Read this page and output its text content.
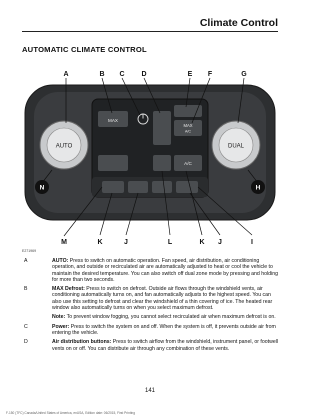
Climate Control
AUTOMATIC CLIMATE CONTROL
AUTO	DUAL
MAX
MAX
A/C
A/C
A	B C D	E F	G
N	H
M	K	J	L	K J	I
E271969
A	AUTO: Press to switch on automatic operation. Fan speed, air distribution, air conditioning operation, and outside or recirculated air are automatically adjusted to heat or cool the vehicle to maintain the desired temperature. You can also switch off dual zone mode by pressing and holding for more than two seconds.
B	MAX Defrost: Press to switch on defrost. Outside air flows through the windshield vents, air conditioning automatically turns on, and fan automatically adjusts to the highest speed. You can also use this setting to defrost and clear the windshield of a thin covering of ice. The heated rear window also automatically turns on when you select maximum defrost.
Note: To prevent window fogging, you cannot select recirculated air when maximum defrost is on.
C	Power: Press to switch the system on and off. When the system is off, it prevents outside air from entering the vehicle.
D	Air distribution buttons: Press to switch airflow from the windshield, instrument panel, or footwell vents on or off. You can distribute air through any combination of these vents.
141
F-150 (TFC) Canada/United States of America, enUSA, Edition date: 06/2015, First Printing
